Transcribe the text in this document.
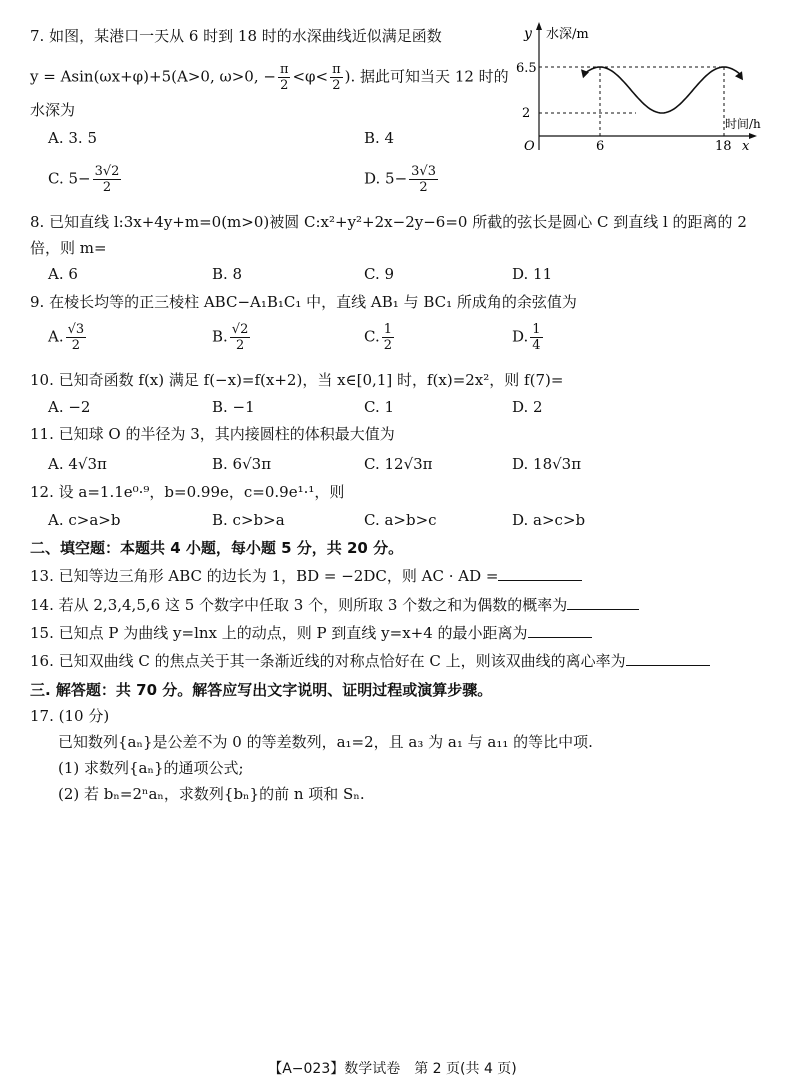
7. 如图，某港口一天从 6 时到 18 时的水深曲线近似满足函数
y = Asin(ωx+φ)+5(A>0, ω>0, − $\frac{\pi}{2} <\varphi< \frac{\pi}{2}$ ). 据此可知当天 12 时的
水深为
A. 3. 5	B. 4
C. $5- \frac{3√2}{2}$	D. $5- \frac{3√3}{2}$
y 水深/m
6.5
2
O	6	18 x
时间/h
8. 已知直线 l:3x+4y+m=0(m>0)被圆 C:x²+y²+2x−2y−6=0 所截的弦长是圆心 C 到直线 l 的距离的 2
倍，则 m=
A. 6	B. 8	C. 9	D. 11
9. 在棱长均等的正三棱柱 ABC−A₁B₁C₁ 中，直线 AB₁ 与 BC₁ 所成角的余弦值为
A. $\frac{√3}{2}$	B. $\frac{√2}{2}$	C. $\frac{1}{2}$	D. $\frac{1}{4}$
10. 已知奇函数 f(x) 满足 f(−x)=f(x+2)，当 x∈[0,1] 时，f(x)=2x²，则 f(7)=
A. −2	B. −1	C. 1	D. 2
11. 已知球 O 的半径为 3，其内接圆柱的体积最大值为
A. 4√3π	B. 6√3π	C. 12√3π	D. 18√3π
12. 设 a=1.1e⁰·⁹，b=0.99e，c=0.9e¹·¹，则
A. c>a>b	B. c>b>a	C. a>b>c	D. a>c>b
二、填空题：本题共 4 小题，每小题 5 分，共 20 分。
13. 已知等边三角形 ABC 的边长为 1，BD = −2DC，则 AC · AD =
14. 若从 2,3,4,5,6 这 5 个数字中任取 3 个，则所取 3 个数之和为偶数的概率为
15. 已知点 P 为曲线 y=lnx 上的动点，则 P 到直线 y=x+4 的最小距离为
16. 已知双曲线 C 的焦点关于其一条渐近线的对称点恰好在 C 上，则该双曲线的离心率为
三. 解答题：共 70 分。解答应写出文字说明、证明过程或演算步骤。
17. (10 分)
已知数列{aₙ}是公差不为 0 的等差数列，a₁=2，且 a₃ 为 a₁ 与 a₁₁ 的等比中项.
(1) 求数列{aₙ}的通项公式;
(2) 若 bₙ=2ⁿaₙ，求数列{bₙ}的前 n 项和 Sₙ.
【A−023】数学试卷　第 2 页(共 4 页)
